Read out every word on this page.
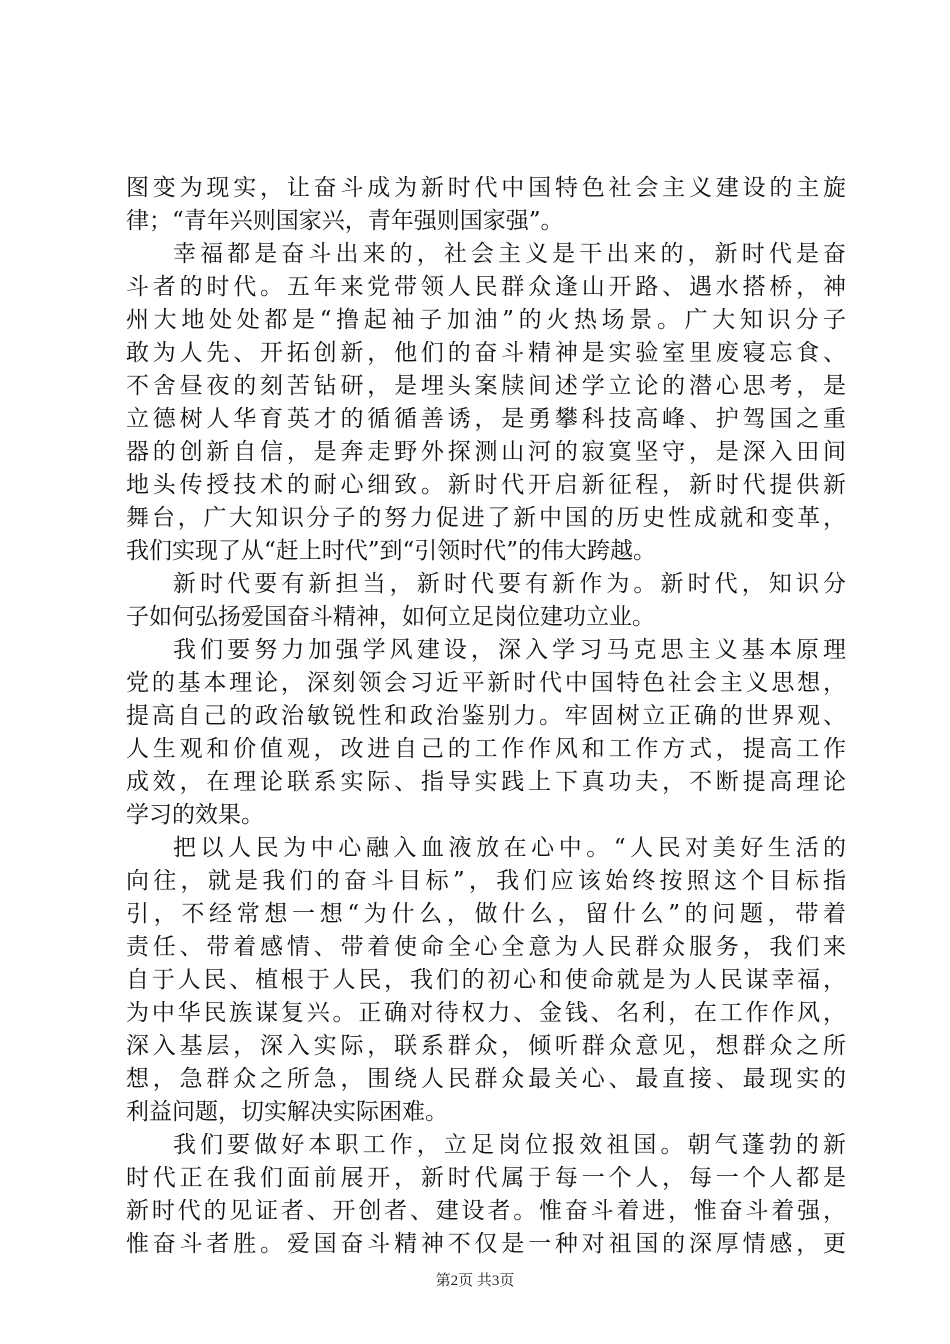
图变为现实，让奋斗成为新时代中国特色社会主义建设的主旋
律；“青年兴则国家兴，青年强则国家强”。
幸福都是奋斗出来的，社会主义是干出来的，新时代是奋
斗者的时代。五年来党带领人民群众逢山开路、遇水搭桥，神
州大地处处都是“撸起袖子加油”的火热场景。广大知识分子
敢为人先、开拓创新，他们的奋斗精神是实验室里废寝忘食、
不舍昼夜的刻苦钻研，是埋头案牍间述学立论的潜心思考，是
立德树人华育英才的循循善诱，是勇攀科技高峰、护驾国之重
器的创新自信，是奔走野外探测山河的寂寞坚守，是深入田间
地头传授技术的耐心细致。新时代开启新征程，新时代提供新
舞台，广大知识分子的努力促进了新中国的历史性成就和变革，
我们实现了从“赶上时代”到“引领时代”的伟大跨越。
新时代要有新担当，新时代要有新作为。新时代，知识分
子如何弘扬爱国奋斗精神，如何立足岗位建功立业。
我们要努力加强学风建设，深入学习马克思主义基本原理
党的基本理论，深刻领会习近平新时代中国特色社会主义思想，
提高自己的政治敏锐性和政治鉴别力。牢固树立正确的世界观、
人生观和价值观，改进自己的工作作风和工作方式，提高工作
成效，在理论联系实际、指导实践上下真功夫，不断提高理论
学习的效果。
把以人民为中心融入血液放在心中。“人民对美好生活的
向往，就是我们的奋斗目标”，我们应该始终按照这个目标指
引，不经常想一想“为什么，做什么，留什么”的问题，带着
责任、带着感情、带着使命全心全意为人民群众服务，我们来
自于人民、植根于人民，我们的初心和使命就是为人民谋幸福，
为中华民族谋复兴。正确对待权力、金钱、名利，在工作作风，
深入基层，深入实际，联系群众，倾听群众意见，想群众之所
想，急群众之所急，围绕人民群众最关心、最直接、最现实的
利益问题，切实解决实际困难。
我们要做好本职工作，立足岗位报效祖国。朝气蓬勃的新
时代正在我们面前展开，新时代属于每一个人，每一个人都是
新时代的见证者、开创者、建设者。惟奋斗着进，惟奋斗着强，
惟奋斗者胜。爱国奋斗精神不仅是一种对祖国的深厚情感，更
第2页 共3页
